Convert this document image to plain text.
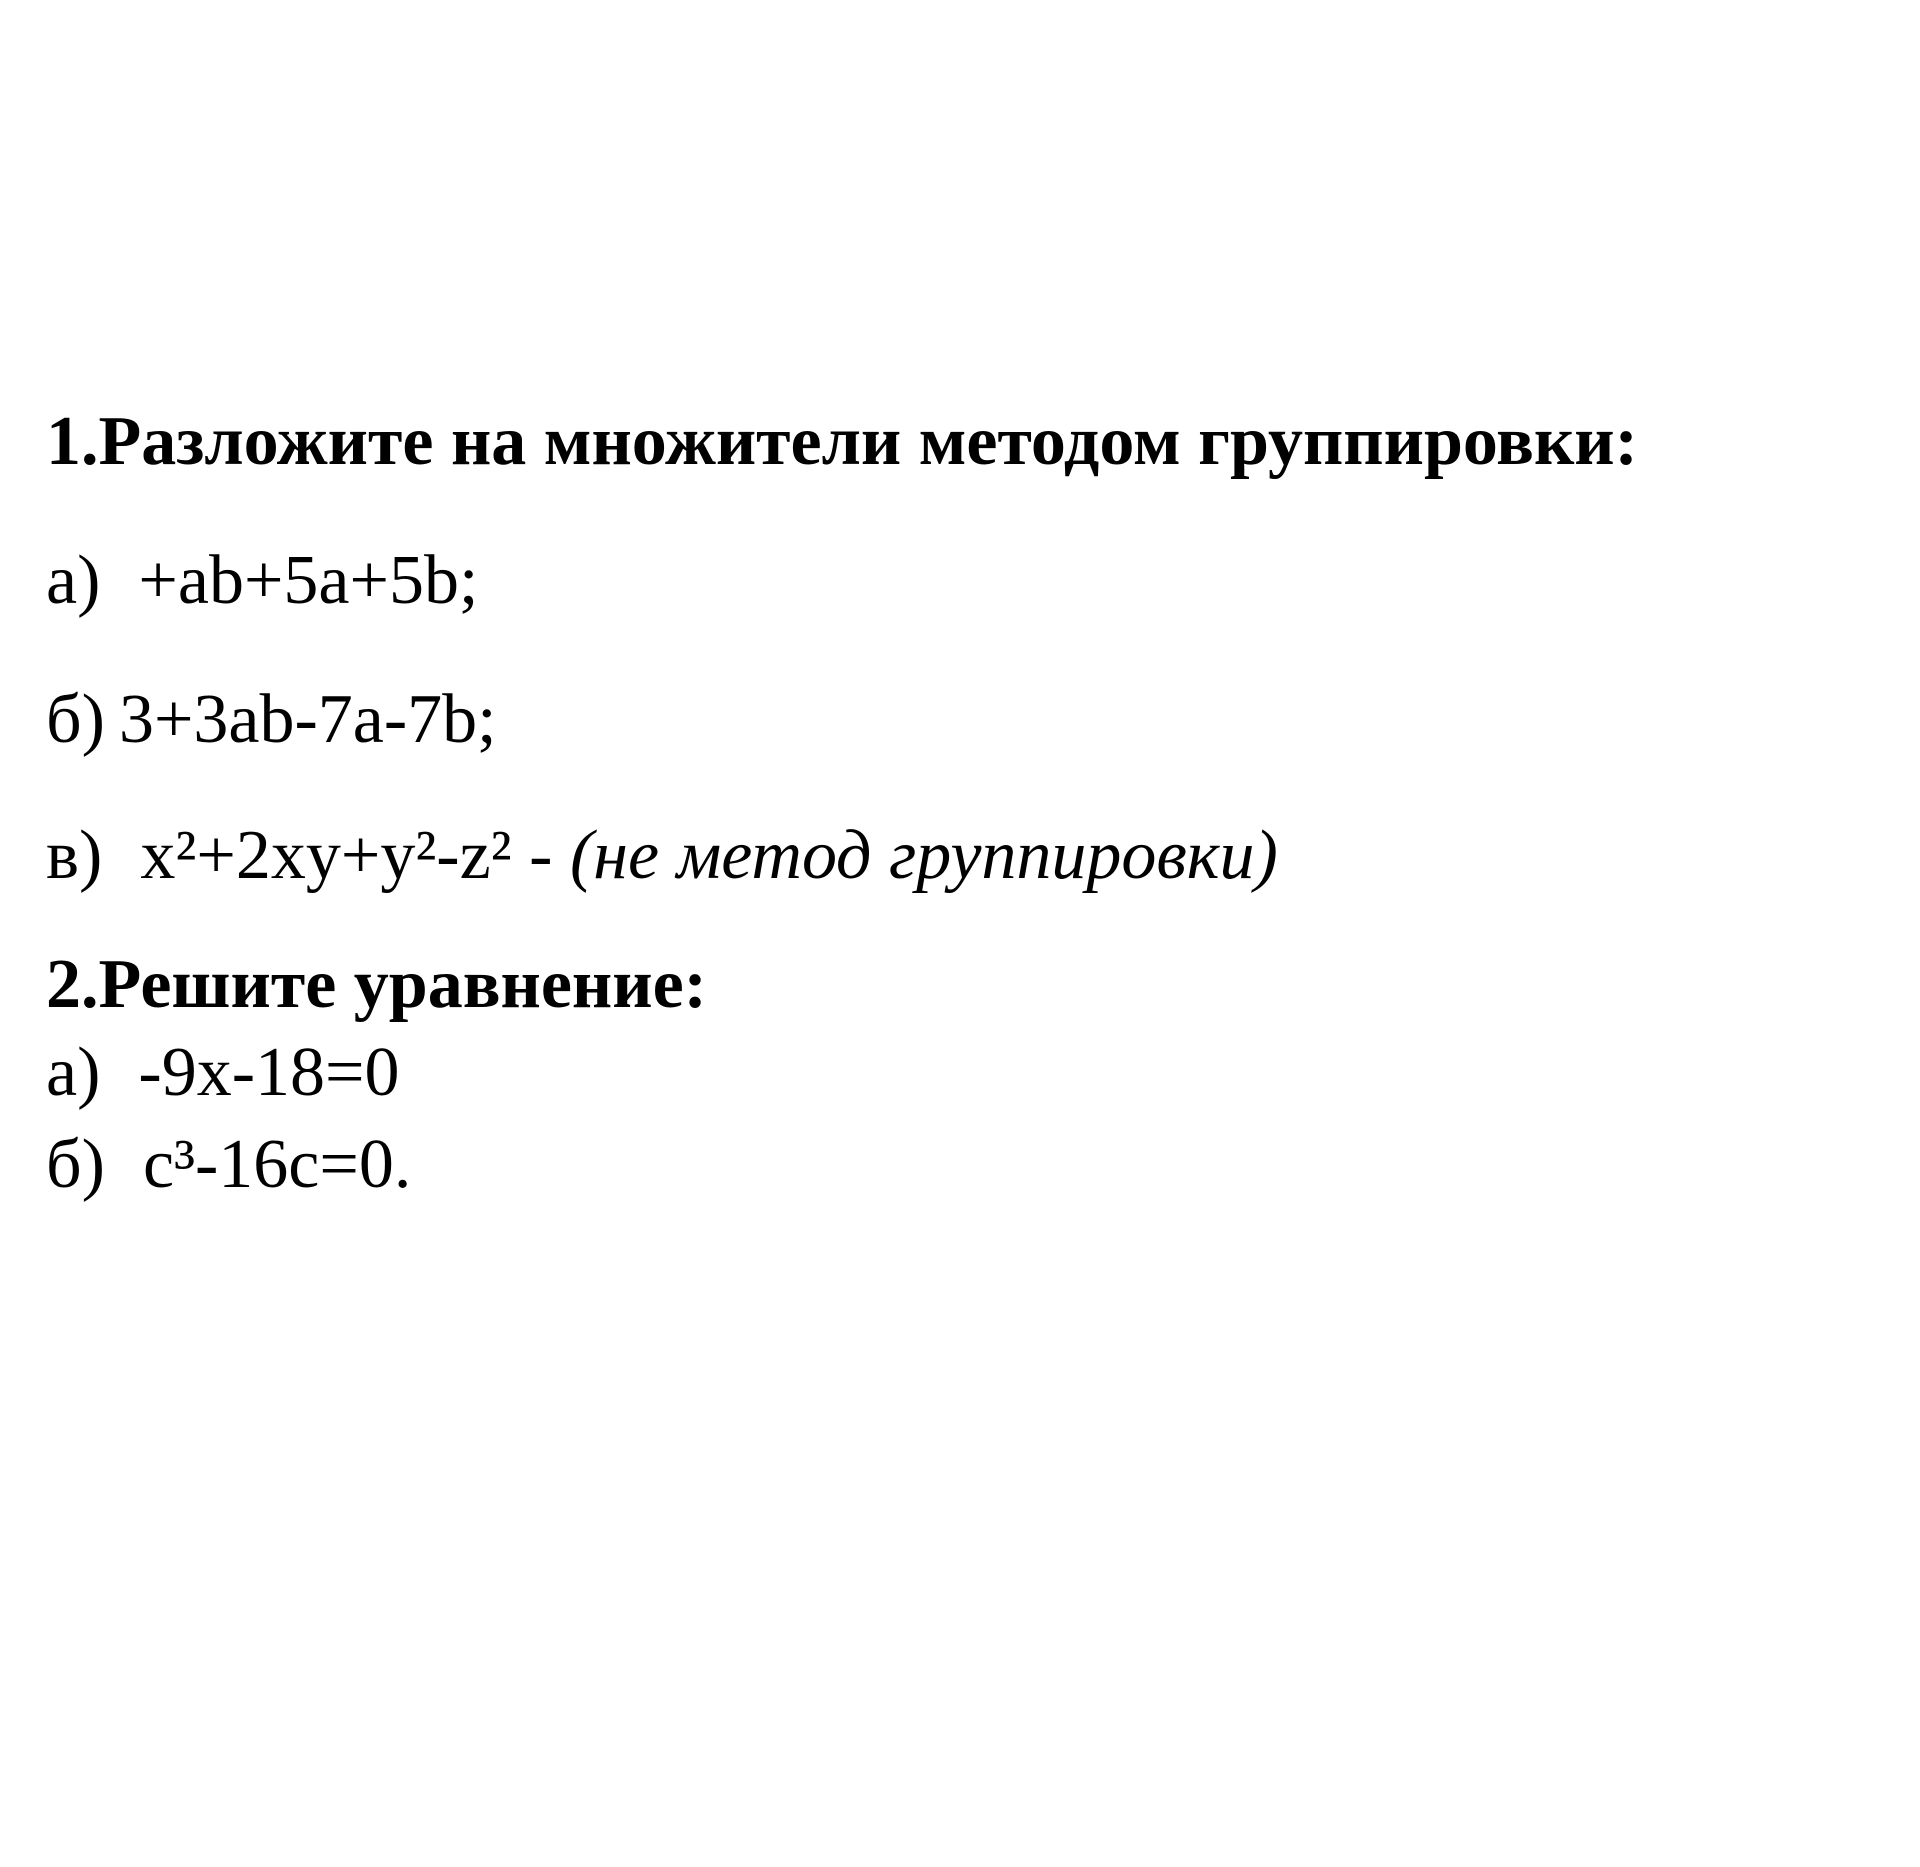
1.Разложите на множители методом группировки:
а) +ab+5a+5b;
б) 3+3ab-7a-7b;
в) x²+2xy+y²-z² - (не метод группировки)
2.Решите уравнение:
а) -9x-18=0
б) c³-16c=0.
